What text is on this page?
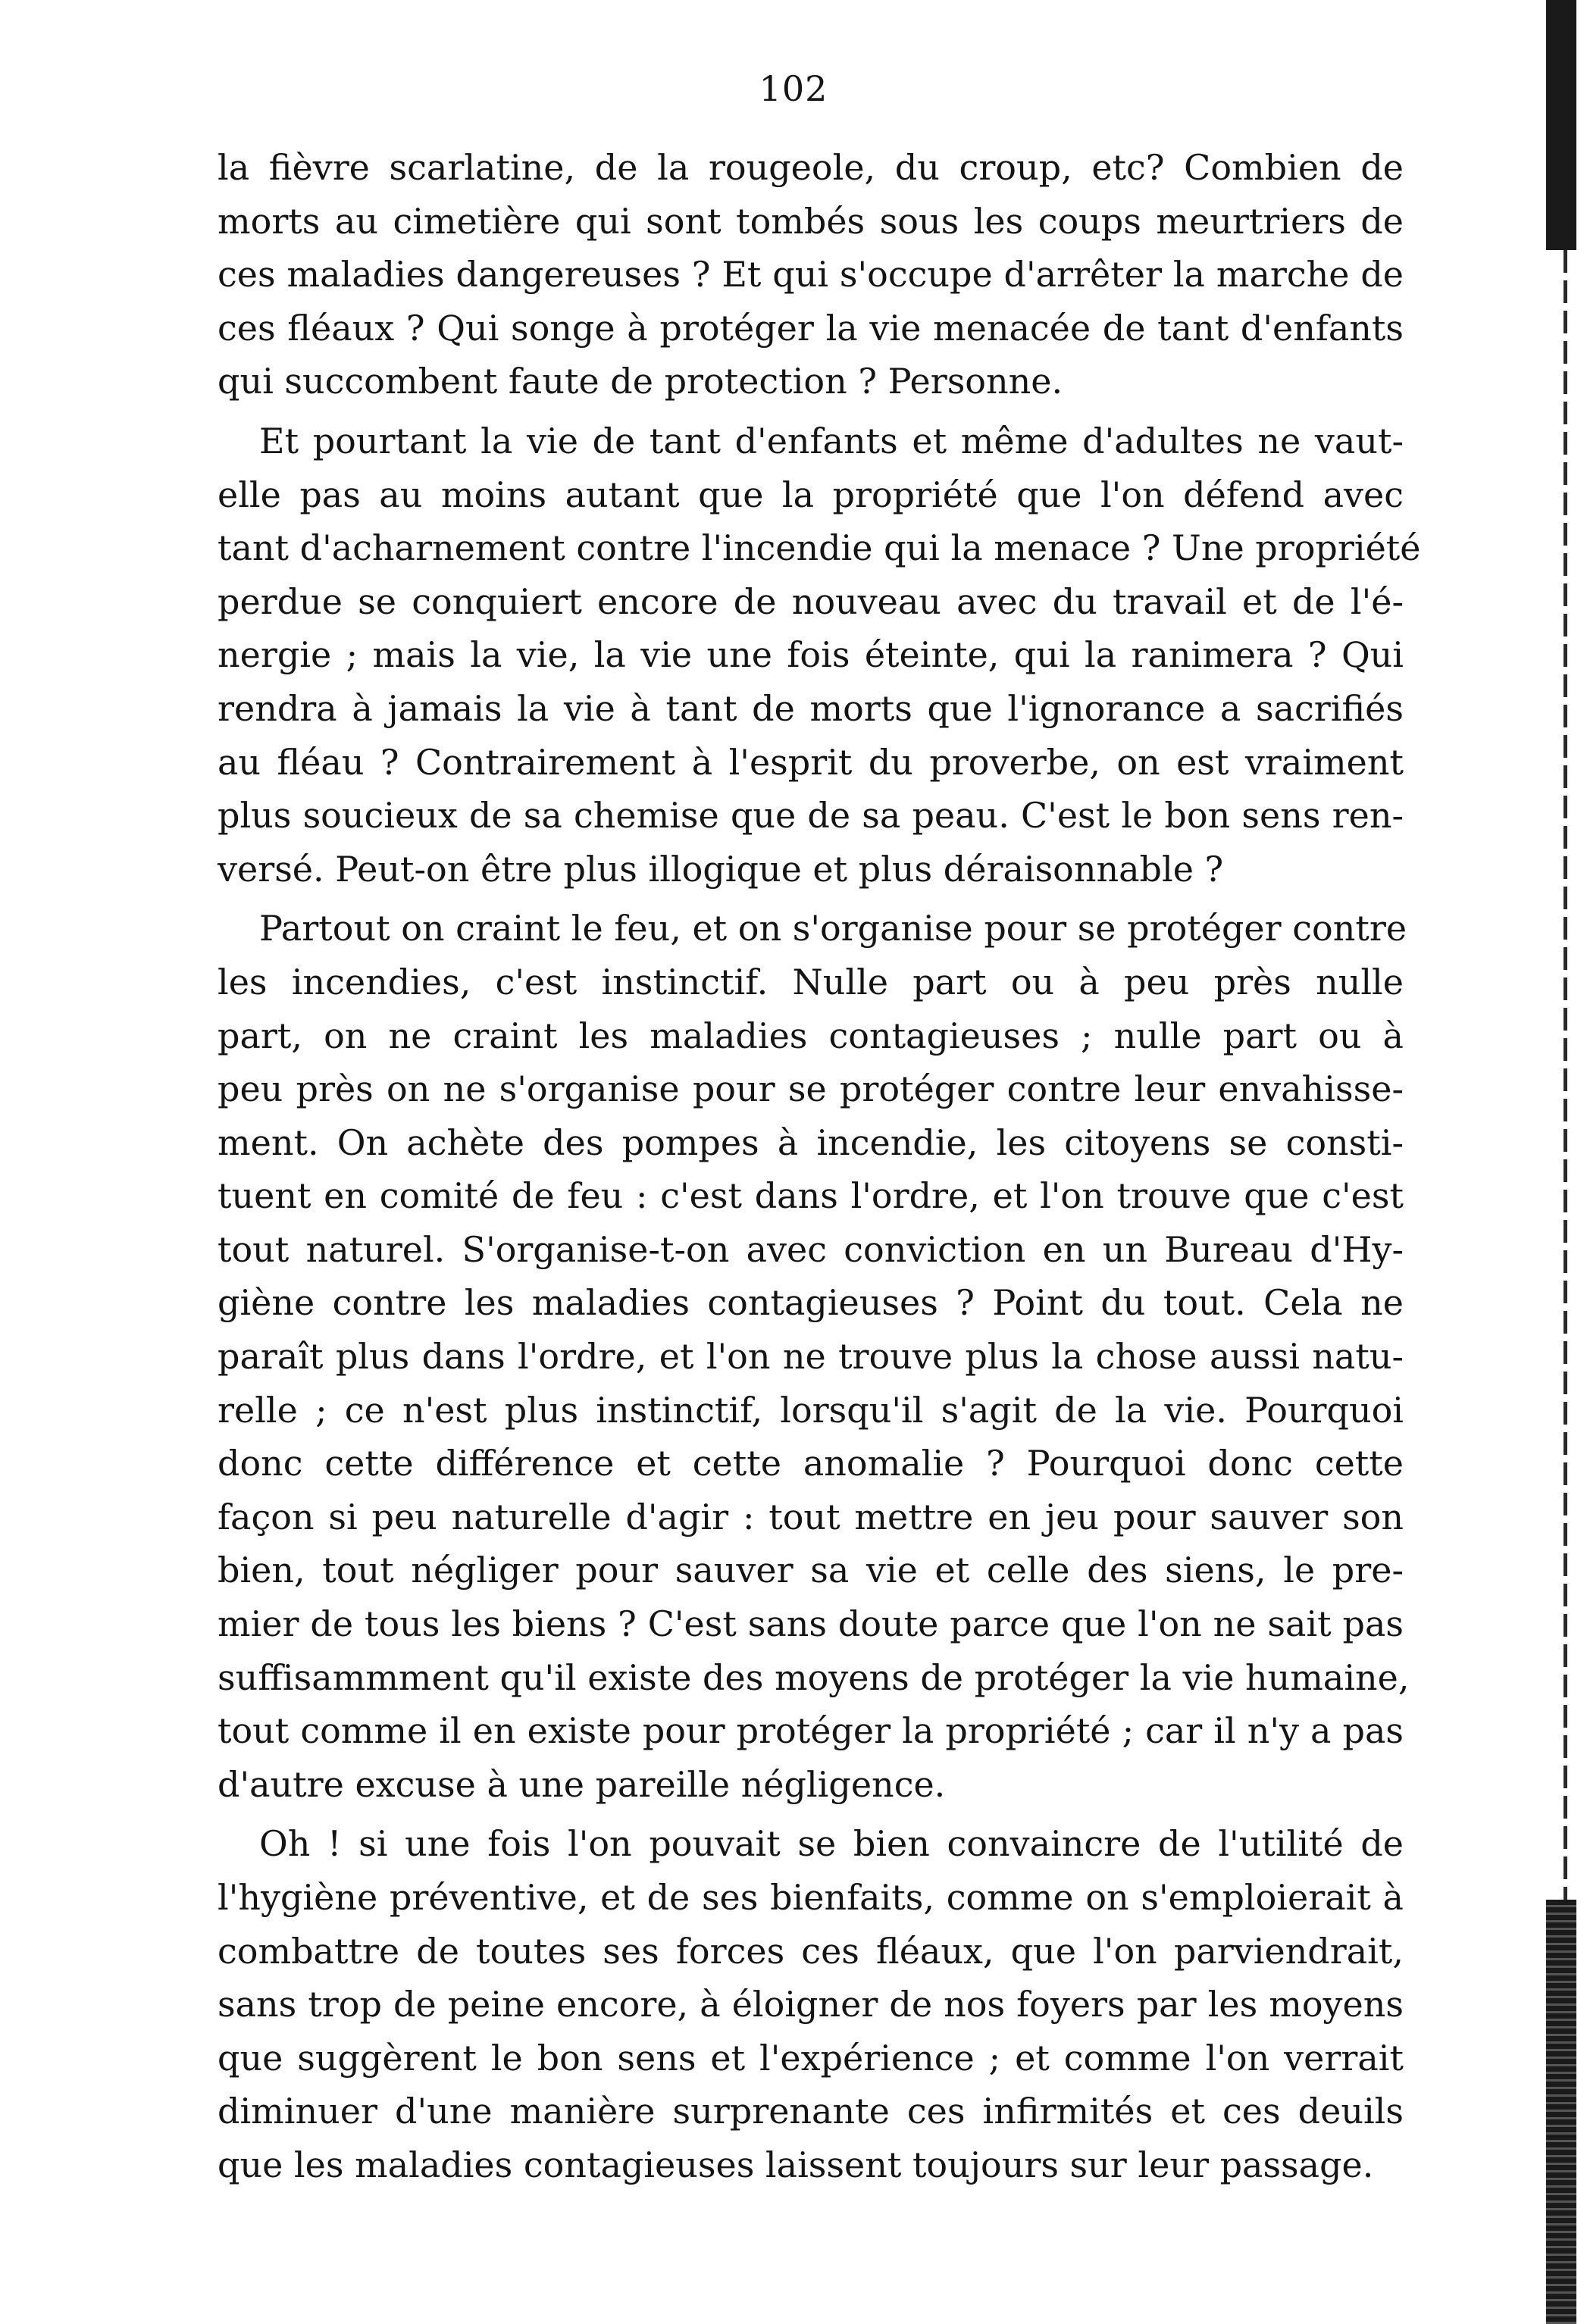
102
la fièvre scarlatine, de la rougeole, du croup, etc? Combien de
morts au cimetière qui sont tombés sous les coups meurtriers de
ces maladies dangereuses ? Et qui s'occupe d'arrêter la marche de
ces fléaux ? Qui songe à protéger la vie menacée de tant d'enfants
qui succombent faute de protection ? Personne.
Et pourtant la vie de tant d'enfants et même d'adultes ne vaut-
elle pas au moins autant que la propriété que l'on défend avec
tant d'acharnement contre l'incendie qui la menace ? Une propriété
perdue se conquiert encore de nouveau avec du travail et de l'é-
nergie ; mais la vie, la vie une fois éteinte, qui la ranimera ? Qui
rendra à jamais la vie à tant de morts que l'ignorance a sacrifiés
au fléau ? Contrairement à l'esprit du proverbe, on est vraiment
plus soucieux de sa chemise que de sa peau. C'est le bon sens ren-
versé. Peut-on être plus illogique et plus déraisonnable ?
Partout on craint le feu, et on s'organise pour se protéger contre
les incendies, c'est instinctif. Nulle part ou à peu près nulle
part, on ne craint les maladies contagieuses ; nulle part ou à
peu près on ne s'organise pour se protéger contre leur envahisse-
ment. On achète des pompes à incendie, les citoyens se consti-
tuent en comité de feu : c'est dans l'ordre, et l'on trouve que c'est
tout naturel. S'organise-t-on avec conviction en un Bureau d'Hy-
giène contre les maladies contagieuses ? Point du tout. Cela ne
paraît plus dans l'ordre, et l'on ne trouve plus la chose aussi natu-
relle ; ce n'est plus instinctif, lorsqu'il s'agit de la vie. Pourquoi
donc cette différence et cette anomalie ? Pourquoi donc cette
façon si peu naturelle d'agir : tout mettre en jeu pour sauver son
bien, tout négliger pour sauver sa vie et celle des siens, le pre-
mier de tous les biens ? C'est sans doute parce que l'on ne sait pas
suffisammment qu'il existe des moyens de protéger la vie humaine,
tout comme il en existe pour protéger la propriété ; car il n'y a pas
d'autre excuse à une pareille négligence.
Oh ! si une fois l'on pouvait se bien convaincre de l'utilité de
l'hygiène préventive, et de ses bienfaits, comme on s'emploierait à
combattre de toutes ses forces ces fléaux, que l'on parviendrait,
sans trop de peine encore, à éloigner de nos foyers par les moyens
que suggèrent le bon sens et l'expérience ; et comme l'on verrait
diminuer d'une manière surprenante ces infirmités et ces deuils
que les maladies contagieuses laissent toujours sur leur passage.
